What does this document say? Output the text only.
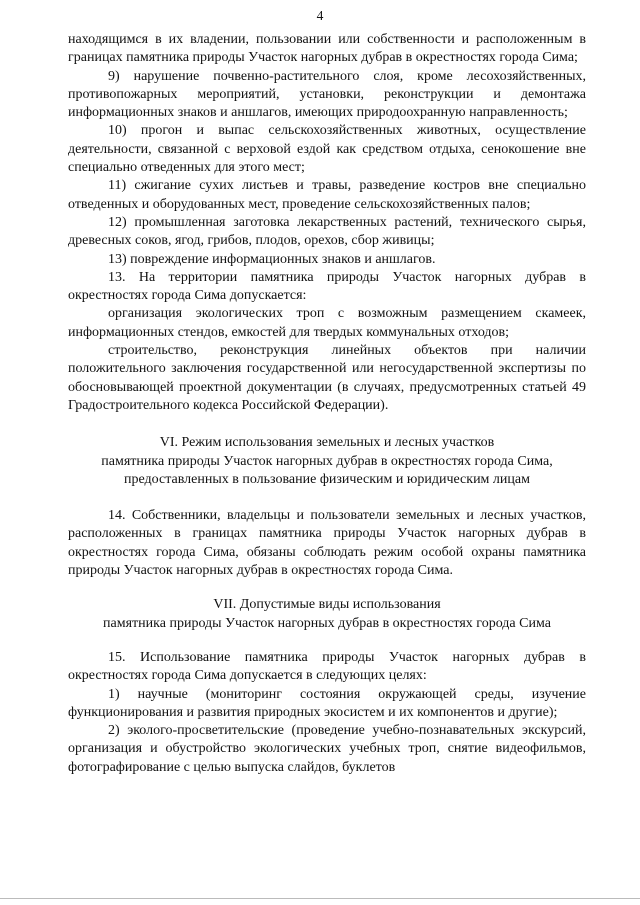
4

находящимся в их владении, пользовании или собственности и расположенным в границах памятника природы Участок нагорных дубрав в окрестностях города Сима;

9) нарушение почвенно-растительного слоя, кроме лесохозяйственных, противопожарных мероприятий, установки, реконструкции и демонтажа информационных знаков и аншлагов, имеющих природоохранную направленность;

10) прогон и выпас сельскохозяйственных животных, осуществление деятельности, связанной с верховой ездой как средством отдыха, сенокошение вне специально отведенных для этого мест;

11) сжигание сухих листьев и травы, разведение костров вне специально отведенных и оборудованных мест, проведение сельскохозяйственных палов;

12) промышленная заготовка лекарственных растений, технического сырья, древесных соков, ягод, грибов, плодов, орехов, сбор живицы;

13) повреждение информационных знаков и аншлагов.

13. На территории памятника природы Участок нагорных дубрав в окрестностях города Сима допускается:

организация экологических троп с возможным размещением скамеек, информационных стендов, емкостей для твердых коммунальных отходов;

строительство, реконструкция линейных объектов при наличии положительного заключения государственной или негосударственной экспертизы по обосновывающей проектной документации (в случаях, предусмотренных статьей 49 Градостроительного кодекса Российской Федерации).

VI. Режим использования земельных и лесных участков

памятника природы Участок нагорных дубрав в окрестностях города Сима,

предоставленных в пользование физическим и юридическим лицам

14. Собственники, владельцы и пользователи земельных и лесных участков, расположенных в границах памятника природы Участок нагорных дубрав в окрестностях города Сима, обязаны соблюдать режим особой охраны памятника природы Участок нагорных дубрав в окрестностях города Сима.

VII. Допустимые виды использования

памятника природы Участок нагорных дубрав в окрестностях города Сима

15. Использование памятника природы Участок нагорных дубрав в окрестностях города Сима допускается в следующих целях:

1) научные (мониторинг состояния окружающей среды, изучение функционирования и развития природных экосистем и их компонентов и другие);

2) эколого-просветительские (проведение учебно-познавательных экскурсий, организация и обустройство экологических учебных троп, снятие видеофильмов, фотографирование с целью выпуска слайдов, буклетов
